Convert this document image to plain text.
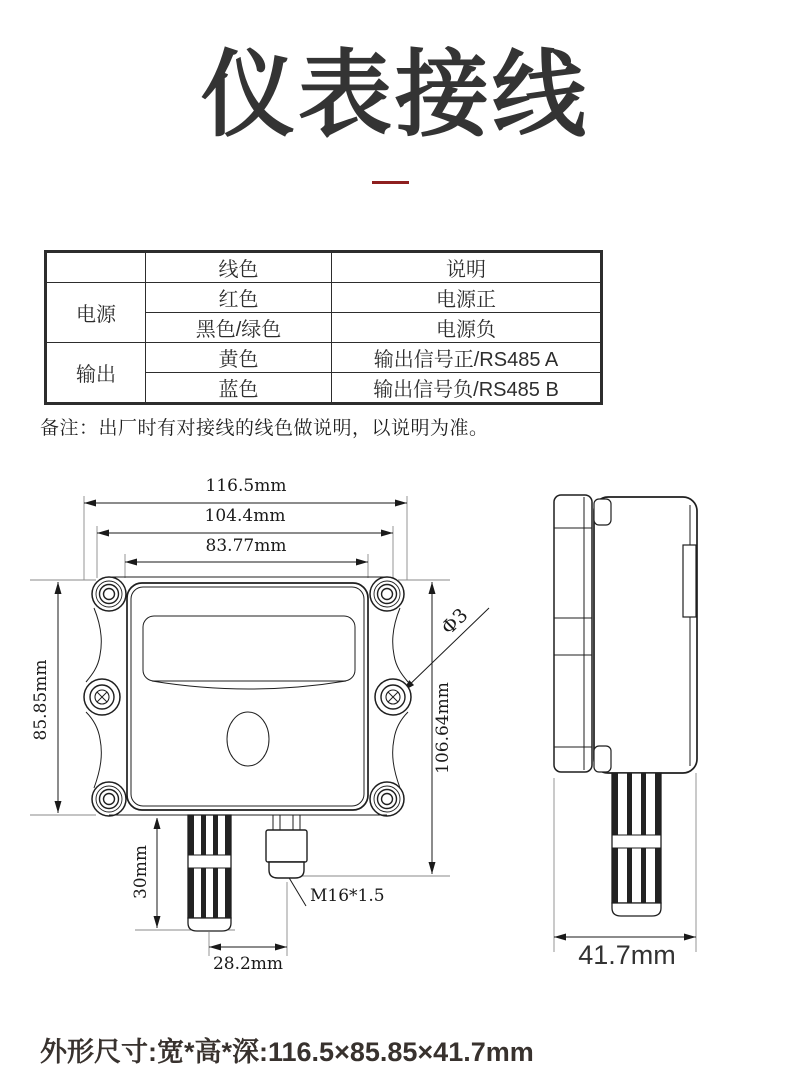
仪表接线
	线色	说明
电源	红色	电源正
	黑色/绿色	电源负
输出	黄色	输出信号正/RS485 A
	蓝色	输出信号负/RS485 B
备注：出厂时有对接线的线色做说明，以说明为准。
116.5mm
104.4mm
83.77mm
85.85mm	106.64mm
30mm
28.2mm
Φ3
M16*1.5
41.7mm
外形尺寸:宽*高*深:116.5×85.85×41.7mm
